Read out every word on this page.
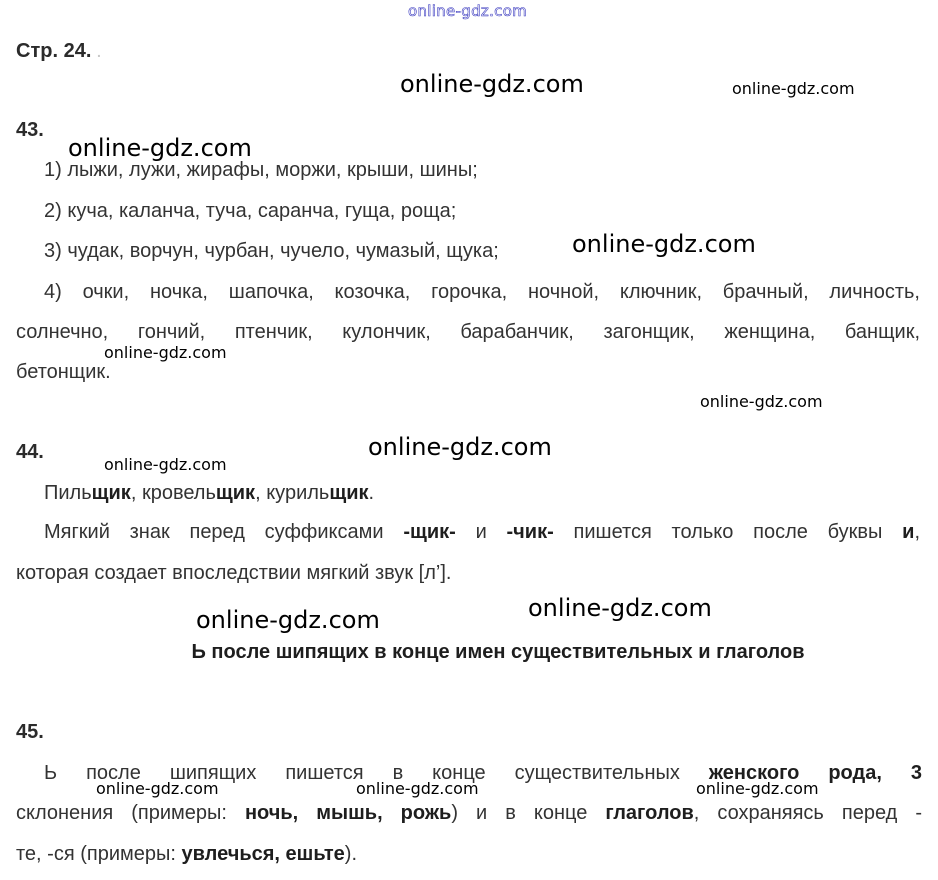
online-gdz.com
Стр. 24. .
online-gdz.com	online-gdz.com
43.
online-gdz.com
1) лыжи, лужи, жирафы, моржи, крыши, шины;
2) куча, каланча, туча, саранча, гуща, роща;
3) чудак, ворчун, чурбан, чучело, чумазый, щука;	online-gdz.com
4) очки, ночка, шапочка, козочка, горочка, ночной, ключник, брачный, личность,
солнечно, гончий, птенчик, кулончик, барабанчик, загонщик, женщина, банщик,
online-gdz.com
бетонщик.
online-gdz.com
44.	online-gdz.com
online-gdz.com
Пильщик, кровельщик, курильщик.
Мягкий знак перед суффиксами -щик- и -чик- пишется только после буквы и,
которая создает впоследствии мягкий звук [л’].
online-gdz.com
online-gdz.com
Ь после шипящих в конце имен существительных и глаголов
45.
Ь после шипящих пишется в конце существительных женского рода, 3
online-gdz.com	online-gdz.com	online-gdz.com
склонения (примеры: ночь, мышь, рожь) и в конце глаголов, сохраняясь перед -
те, -ся (примеры: увлечься, ешьте).
